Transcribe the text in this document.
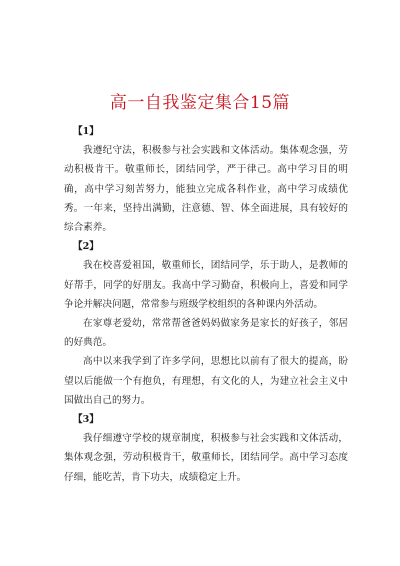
高一自我鉴定集合15篇

【1】

我遵纪守法，积极参与社会实践和文体活动。集体观念强，劳动积极肯干。敬重师长，团结同学，严于律己。高中学习目的明确，高中学习刻苦努力，能独立完成各科作业，高中学习成绩优秀。一年来，坚持出满勤，注意德、智、体全面进展，具有较好的综合素养。

【2】

我在校喜爱祖国，敬重师长，团结同学，乐于助人，是教师的好帮手，同学的好朋友。我高中学习勤奋，积极向上，喜爱和同学争论并解决问题，常常参与班级学校组织的各种课内外活动。

在家尊老爱幼，常常帮爸爸妈妈做家务是家长的好孩子，邻居的好典范。

高中以来我学到了许多学问，思想比以前有了很大的提高，盼望以后能做一个有抱负，有理想，有文化的人，为建立社会主义中国做出自己的努力。

【3】

我仔细遵守学校的规章制度，积极参与社会实践和文体活动，集体观念强，劳动积极肯干，敬重师长，团结同学。高中学习态度仔细，能吃苦，肯下功夫，成绩稳定上升。
